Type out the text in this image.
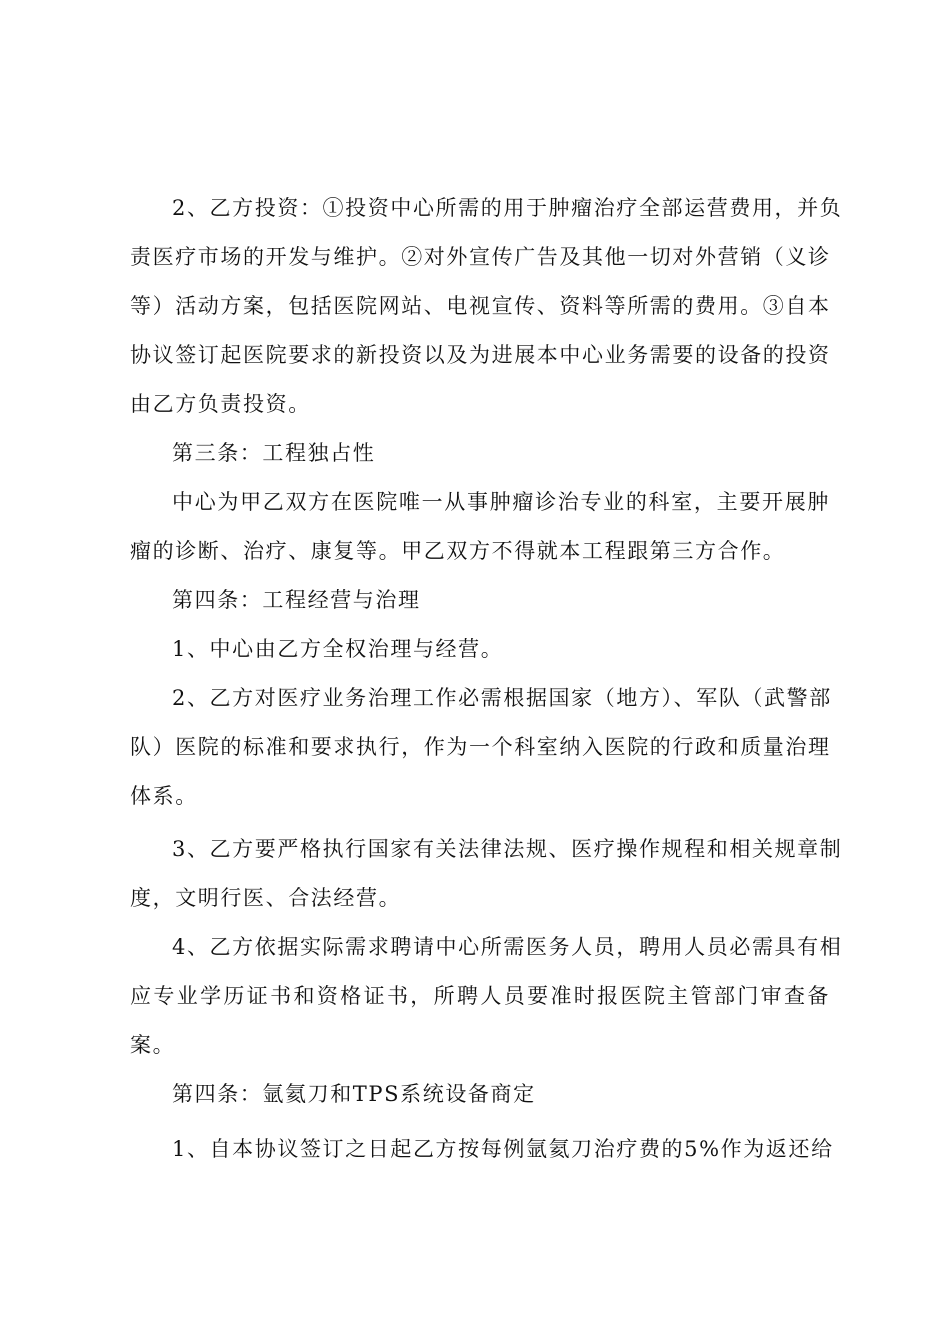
2、乙方投资：①投资中心所需的用于肿瘤治疗全部运营费用，并负
责医疗市场的开发与维护。②对外宣传广告及其他一切对外营销（义诊
等）活动方案，包括医院网站、电视宣传、资料等所需的费用。③自本
协议签订起医院要求的新投资以及为进展本中心业务需要的设备的投资
由乙方负责投资。
第三条：工程独占性
中心为甲乙双方在医院唯一从事肿瘤诊治专业的科室，主要开展肿
瘤的诊断、治疗、康复等。甲乙双方不得就本工程跟第三方合作。
第四条：工程经营与治理
1、中心由乙方全权治理与经营。
2、乙方对医疗业务治理工作必需根据国家（地方）、军队（武警部
队）医院的标准和要求执行，作为一个科室纳入医院的行政和质量治理
体系。
3、乙方要严格执行国家有关法律法规、医疗操作规程和相关规章制
度，文明行医、合法经营。
4、乙方依据实际需求聘请中心所需医务人员，聘用人员必需具有相
应专业学历证书和资格证书，所聘人员要准时报医院主管部门审查备
案。
第四条：氩氦刀和TPS系统设备商定
1、自本协议签订之日起乙方按每例氩氦刀治疗费的5%作为返还给
